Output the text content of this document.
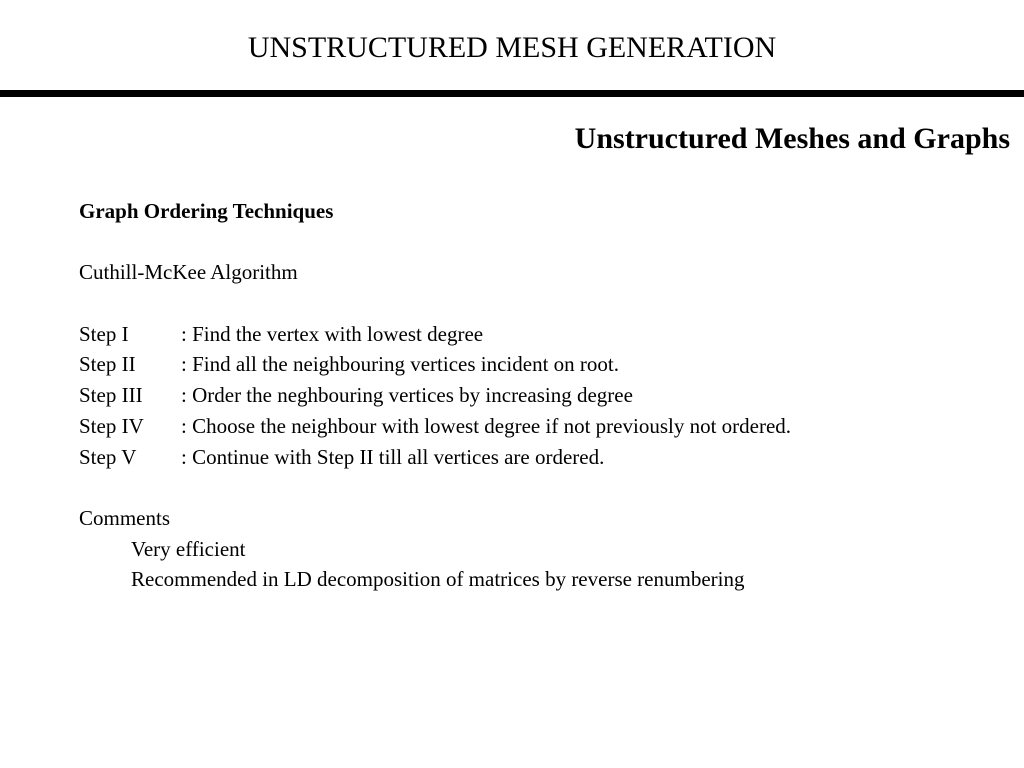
UNSTRUCTURED MESH GENERATION
Unstructured Meshes and Graphs
Graph Ordering Techniques
Cuthill-McKee Algorithm
Step I	: Find the vertex with lowest degree
Step II	: Find all the neighbouring vertices incident on root.
Step III	: Order the neghbouring vertices by increasing degree
Step IV	: Choose the neighbour with lowest degree if not previously not ordered.
Step V	: Continue with Step II till all vertices are ordered.
Comments
Very efficient
Recommended in LD decomposition of matrices by reverse renumbering
